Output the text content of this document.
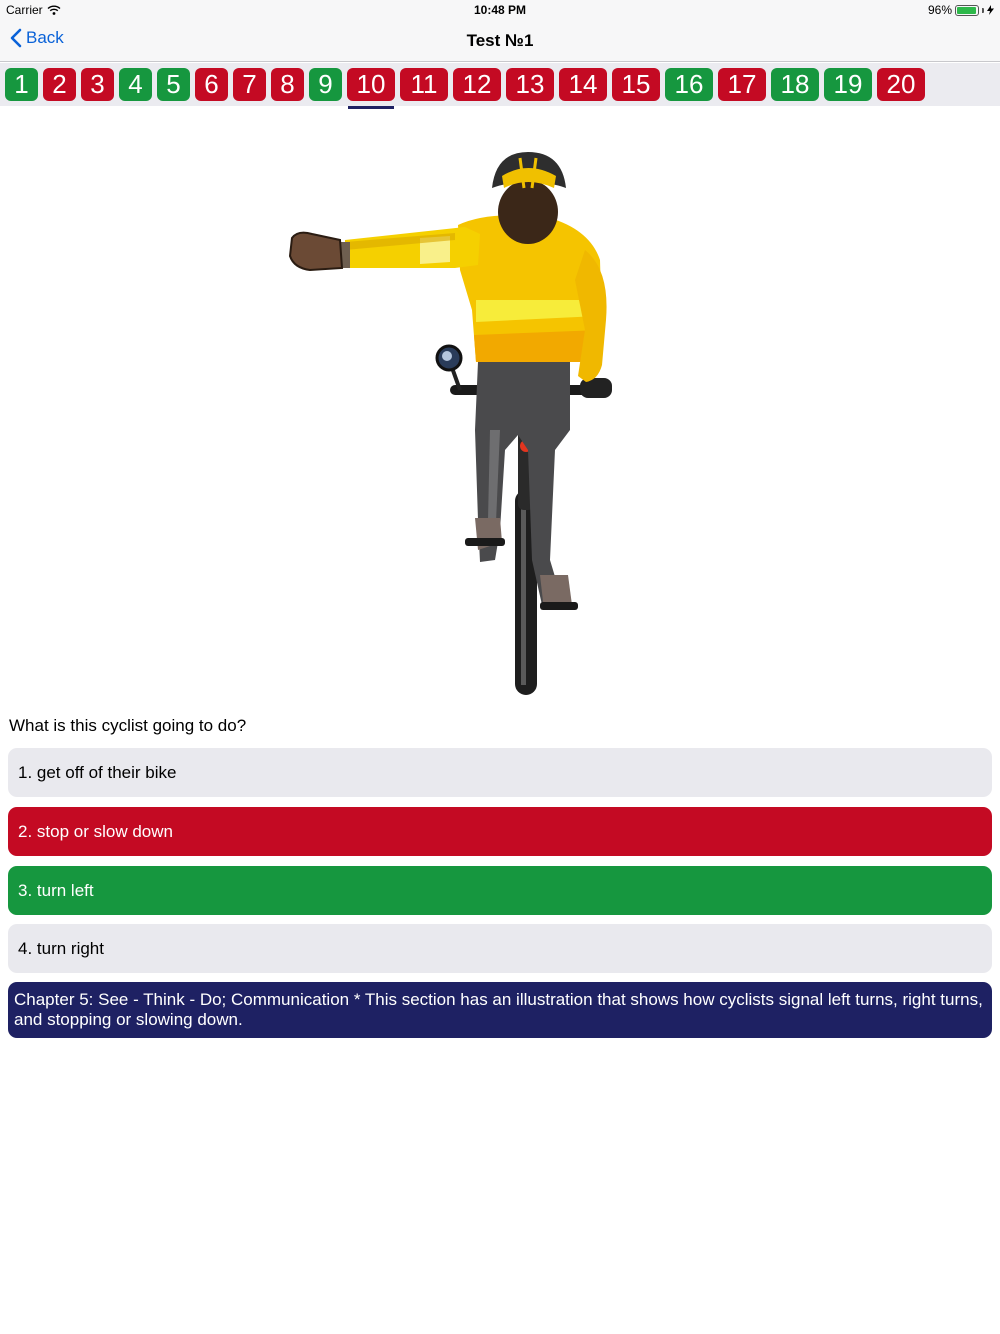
Carrier	10:48 PM	96%
Back	Test №1
1 2 3 4 5 6 7 8 9 10 11 12 13 14 15 16 17 18 19 20
What is this cyclist going to do?
1. get off of their bike
2. stop or slow down
3. turn left
4. turn right
Chapter 5: See - Think - Do; Communication * This section has an illustration that shows how cyclists signal left turns, right turns, and stopping or slowing down.
